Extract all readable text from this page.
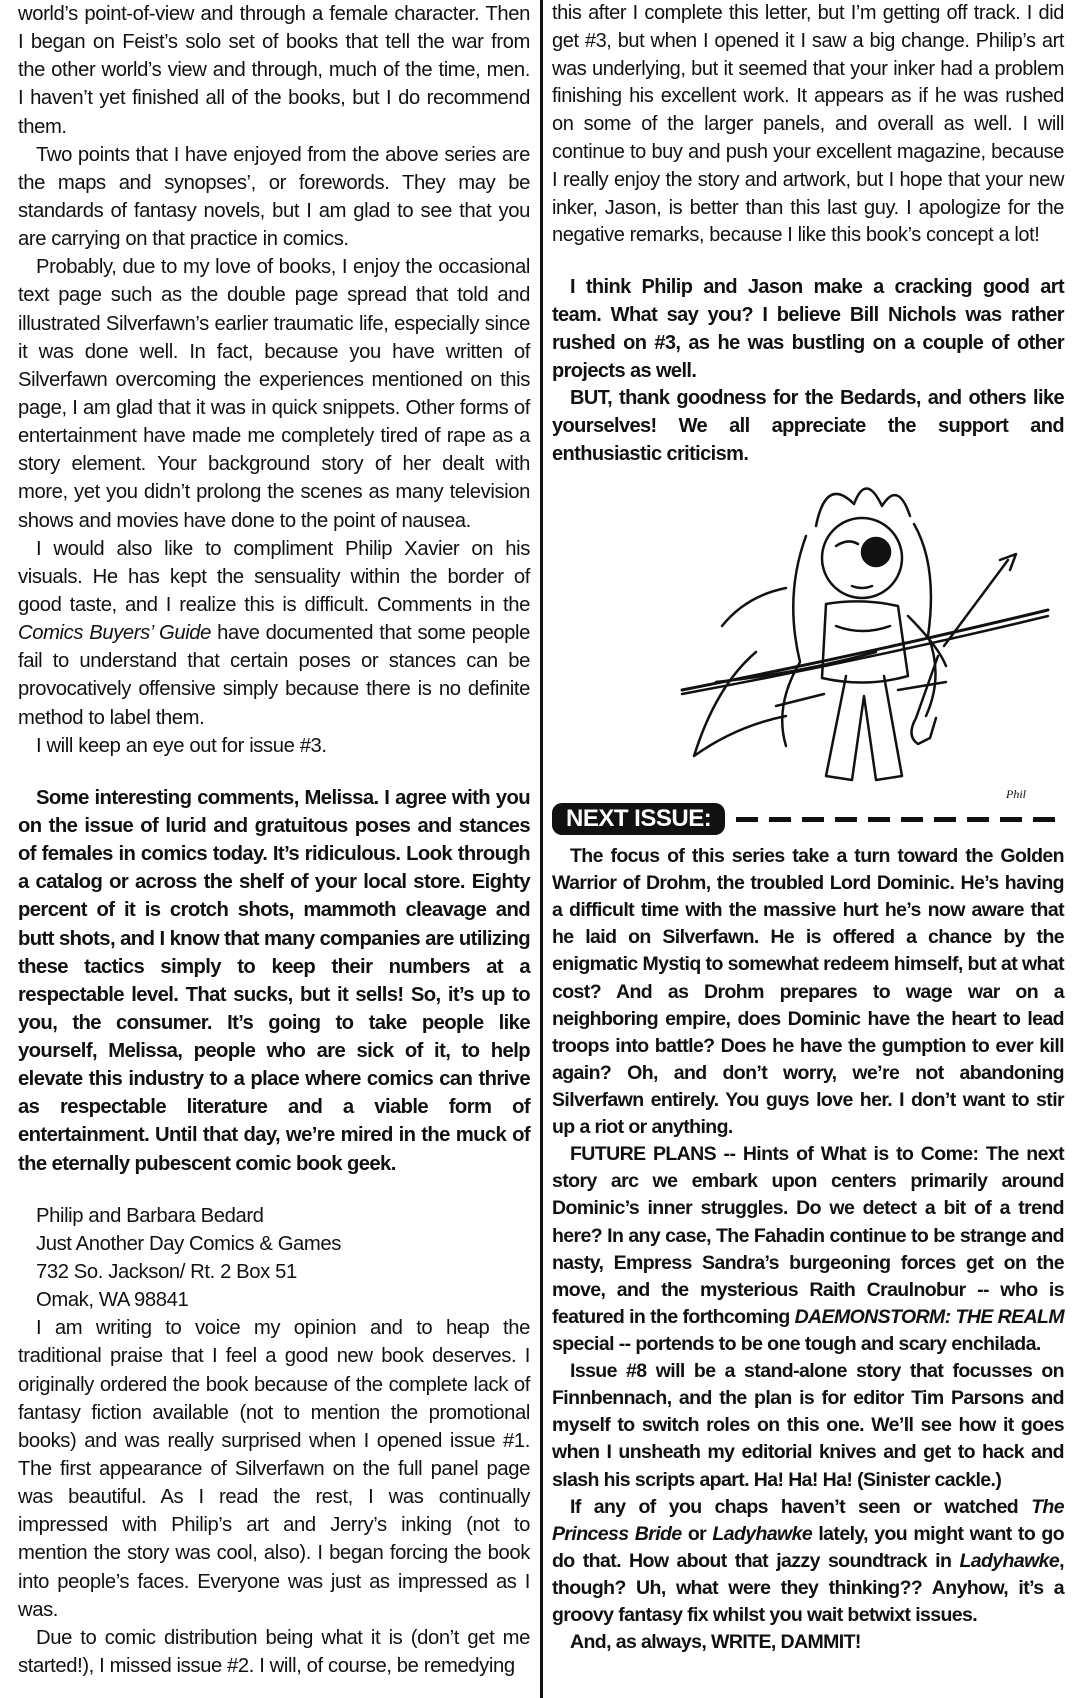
world’s point-of-view and through a female character. Then I began on Feist’s solo set of books that tell the war from the other world’s view and through, much of the time, men. I haven’t yet finished all of the books, but I do recommend them.

Two points that I have enjoyed from the above series are the maps and synopses’, or forewords. They may be standards of fantasy novels, but I am glad to see that you are carrying on that practice in comics.

Probably, due to my love of books, I enjoy the occasional text page such as the double page spread that told and illustrated Silverfawn’s earlier traumatic life, especially since it was done well. In fact, because you have written of Silverfawn overcoming the experiences mentioned on this page, I am glad that it was in quick snippets. Other forms of entertainment have made me completely tired of rape as a story element. Your background story of her dealt with more, yet you didn’t prolong the scenes as many television shows and movies have done to the point of nausea.

I would also like to compliment Philip Xavier on his visuals. He has kept the sensuality within the border of good taste, and I realize this is difficult. Comments in the Comics Buyers’ Guide have documented that some people fail to understand that certain poses or stances can be provocatively offensive simply because there is no definite method to label them.

I will keep an eye out for issue #3.

Some interesting comments, Melissa. I agree with you on the issue of lurid and gratuitous poses and stances of females in comics today. It’s ridiculous. Look through a catalog or across the shelf of your local store. Eighty percent of it is crotch shots, mammoth cleavage and butt shots, and I know that many companies are utilizing these tactics simply to keep their numbers at a respectable level. That sucks, but it sells! So, it’s up to you, the consumer. It’s going to take people like yourself, Melissa, people who are sick of it, to help elevate this industry to a place where comics can thrive as respectable literature and a viable form of entertainment. Until that day, we’re mired in the muck of the eternally pubescent comic book geek.

Philip and Barbara Bedard

Just Another Day Comics & Games

732 So. Jackson/ Rt. 2 Box 51

Omak, WA 98841

I am writing to voice my opinion and to heap the traditional praise that I feel a good new book deserves. I originally ordered the book because of the complete lack of fantasy fiction available (not to mention the promotional books) and was really surprised when I opened issue #1. The first appearance of Silverfawn on the full panel page was beautiful. As I read the rest, I was continually impressed with Philip’s art and Jerry’s inking (not to mention the story was cool, also). I began forcing the book into people’s faces. Everyone was just as impressed as I was.

Due to comic distribution being what it is (don’t get me started!), I missed issue #2. I will, of course, be remedying

this after I complete this letter, but I’m getting off track. I did get #3, but when I opened it I saw a big change. Philip’s art was underlying, but it seemed that your inker had a problem finishing his excellent work. It appears as if he was rushed on some of the larger panels, and overall as well. I will continue to buy and push your excellent magazine, because I really enjoy the story and artwork, but I hope that your new inker, Jason, is better than this last guy. I apologize for the negative remarks, because I like this book’s concept a lot!

I think Philip and Jason make a cracking good art team. What say you? I believe Bill Nichols was rather rushed on #3, as he was bustling on a couple of other projects as well.

BUT, thank goodness for the Bedards, and others like yourselves! We all appreciate the support and enthusiastic criticism.

Phil
NEXT ISSUE:

The focus of this series take a turn toward the Golden Warrior of Drohm, the troubled Lord Dominic. He’s having a difficult time with the massive hurt he’s now aware that he laid on Silverfawn. He is offered a chance by the enigmatic Mystiq to somewhat redeem himself, but at what cost? And as Drohm prepares to wage war on a neighboring empire, does Dominic have the heart to lead troops into battle? Does he have the gumption to ever kill again? Oh, and don’t worry, we’re not abandoning Silverfawn entirely. You guys love her. I don’t want to stir up a riot or anything.

FUTURE PLANS -- Hints of What is to Come: The next story arc we embark upon centers primarily around Dominic’s inner struggles. Do we detect a bit of a trend here? In any case, The Fahadin continue to be strange and nasty, Empress Sandra’s burgeoning forces get on the move, and the mysterious Raith Craulnobur -- who is featured in the forthcoming DAEMONSTORM: THE REALM special -- portends to be one tough and scary enchilada.

Issue #8 will be a stand-alone story that focusses on Finnbennach, and the plan is for editor Tim Parsons and myself to switch roles on this one. We’ll see how it goes when I unsheath my editorial knives and get to hack and slash his scripts apart. Ha! Ha! Ha! (Sinister cackle.)

If any of you chaps haven’t seen or watched The Princess Bride or Ladyhawke lately, you might want to go do that. How about that jazzy soundtrack in Ladyhawke, though? Uh, what were they thinking?? Anyhow, it’s a groovy fantasy fix whilst you wait betwixt issues.

And, as always, WRITE, DAMMIT!
